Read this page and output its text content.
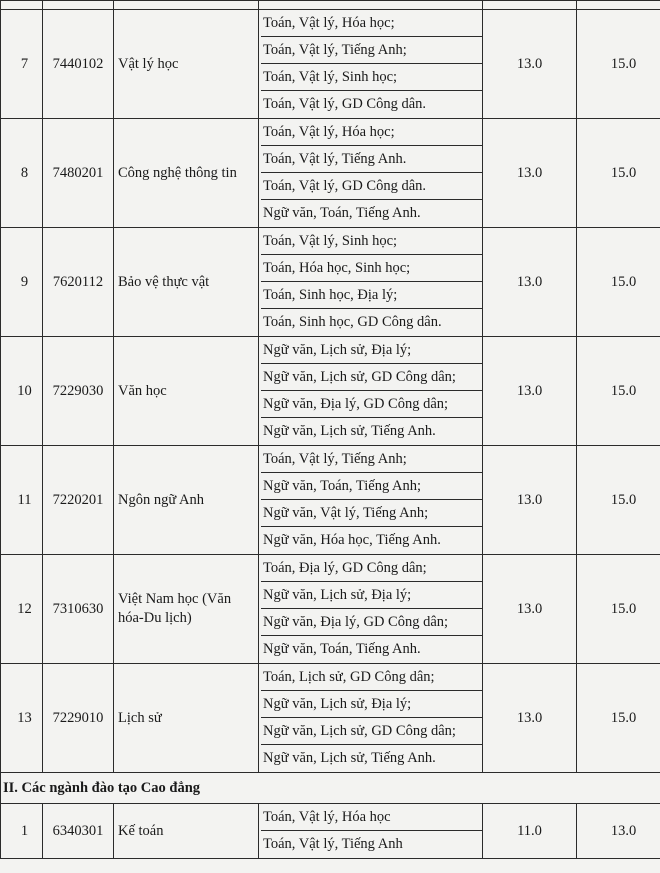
7	7440102	Vật lý học	Toán, Vật lý, Hóa học;
Toán, Vật lý, Tiếng Anh;
Toán, Vật lý, Sinh học;
Toán, Vật lý, GD Công dân.	13.0	15.0
8	7480201	Công nghệ thông tin	Toán, Vật lý, Hóa học;
Toán, Vật lý, Tiếng Anh.
Toán, Vật lý, GD Công dân.
Ngữ văn, Toán, Tiếng Anh.	13.0	15.0
9	7620112	Bảo vệ thực vật	Toán, Vật lý, Sinh học;
Toán, Hóa học, Sinh học;
Toán, Sinh học, Địa lý;
Toán, Sinh học, GD Công dân.	13.0	15.0
10	7229030	Văn học	Ngữ văn, Lịch sử, Địa lý;
Ngữ văn, Lịch sử, GD Công dân;
Ngữ văn, Địa lý, GD Công dân;
Ngữ văn, Lịch sử, Tiếng Anh.	13.0	15.0
11	7220201	Ngôn ngữ Anh	Toán, Vật lý, Tiếng Anh;
Ngữ văn, Toán, Tiếng Anh;
Ngữ văn, Vật lý, Tiếng Anh;
Ngữ văn, Hóa học, Tiếng Anh.	13.0	15.0
12	7310630	Việt Nam học (Văn hóa-Du lịch)	Toán, Địa lý, GD Công dân;
Ngữ văn, Lịch sử, Địa lý;
Ngữ văn, Địa lý, GD Công dân;
Ngữ văn, Toán, Tiếng Anh.	13.0	15.0
13	7229010	Lịch sử	Toán, Lịch sử, GD Công dân;
Ngữ văn, Lịch sử, Địa lý;
Ngữ văn, Lịch sử, GD Công dân;
Ngữ văn, Lịch sử, Tiếng Anh.	13.0	15.0
II. Các ngành đào tạo Cao đẳng					
1	6340301	Kế toán	Toán, Vật lý, Hóa học
Toán, Vật lý, Tiếng Anh	11.0	13.0
